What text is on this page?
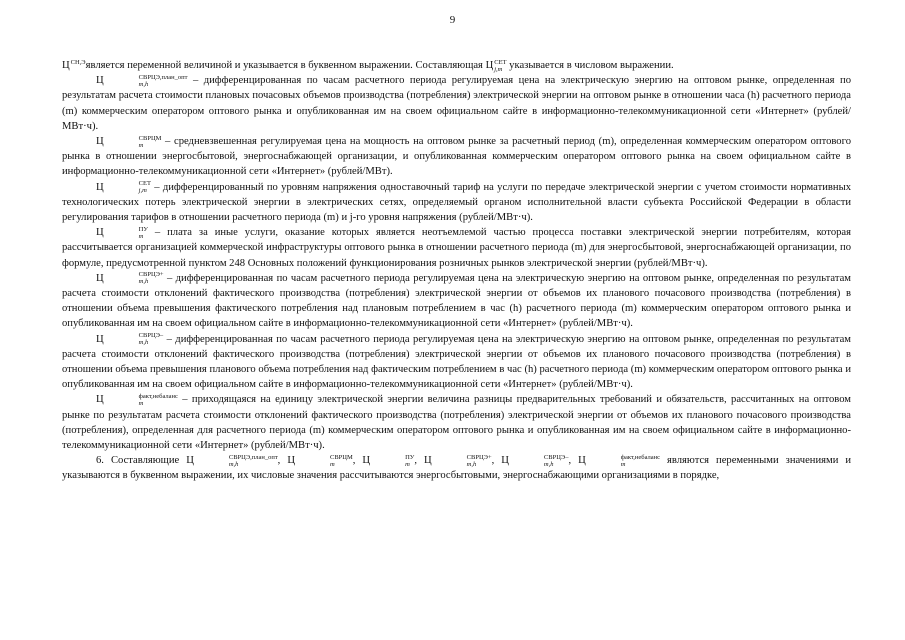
9

Ц СН,Э
является переменной величиной и указывается в буквенном выражении. Составляющая Ц СЕТ
j,m указывается в числовом выражении.

Ц	СВРЦЭ,план_опт
m,h	– дифференцированная по часам расчетного периода регулируемая цена на электрическую энергию на оптовом рынке, определенная по результатам расчета стоимости плановых почасовых объемов производства (потребления) электрической энергии на оптовом рынке в отношении часа (h) расчетного периода (m) коммерческим оператором оптового рынка и опубликованная им на своем официальном сайте в информационно-телекоммуникационной сети «Интернет» (рублей/МВт·ч).

Ц	СВРЦМ
m	– средневзвешенная регулируемая цена на мощность на оптовом рынке за расчетный период (m), определенная коммерческим оператором оптового рынка в отношении энергосбытовой, энергоснабжающей организации, и опубликованная коммерческим оператором оптового рынка на своем официальном сайте в информационно-телекоммуникационной сети «Интернет» (рублей/МВт).

Ц	СЕТ
j,m – дифференцированный по уровням напряжения одноставочный тариф на услуги по передаче электрической энергии с учетом стоимости нормативных технологических потерь электрической энергии в электрических сетях, определяемый органом исполнительной власти субъекта Российской Федерации в области регулирования тарифов в отношении расчетного периода (m) и j-го уровня напряжения (рублей/МВт·ч).

Ц	ПУ
m – плата за иные услуги, оказание которых является неотъемлемой частью процесса поставки электрической энергии потребителям, которая рассчитывается организацией коммерческой инфраструктуры оптового рынка в отношении расчетного периода (m) для энергосбытовой, энергоснабжающей организации, по формуле, предусмотренной пунктом 248 Основных положений функционирования розничных рынков электрической энергии (рублей/МВт·ч).

Ц	СВРЦЭ+
m,h	– дифференцированная по часам расчетного периода регулируемая цена на электрическую энергию на оптовом рынке, определенная по результатам расчета стоимости отклонений фактического производства (потребления) электрической энергии от объемов их планового почасового производства (потребления) в отношении объема превышения фактического потребления над плановым потреблением в час (h) расчетного периода (m) коммерческим оператором оптового рынка и опубликованная им на своем официальном сайте в информационно-телекоммуникационной сети «Интернет» (рублей/МВт·ч).

Ц	СВРЦЭ–
m,h	– дифференцированная по часам расчетного периода регулируемая цена на электрическую энергию на оптовом рынке, определенная по результатам расчета стоимости отклонений фактического производства (потребления) электрической энергии от объемов их планового почасового производства (потребления) в отношении объема превышения планового объема потребления над фактическим потреблением в час (h) расчетного периода (m) коммерческим оператором оптового рынка и опубликованная им на своем официальном сайте в информационно-телекоммуникационной сети «Интернет» (рублей/МВт·ч).

Ц	факт,небаланс
m	– приходящаяся на единицу электрической энергии величина разницы предварительных требований и обязательств, рассчитанных на оптовом рынке по результатам расчета стоимости отклонений фактического производства (потребления) электрической энергии от объемов их планового почасового производства (потребления), определенная для расчетного периода (m) коммерческим оператором оптового рынка и опубликованная им на своем официальном сайте в информационно-телекоммуникационной сети «Интернет» (рублей/МВт·ч).

6. Составляющие Ц	СВРЦЭ,план_опт
m,h	, Ц	СВРЦМ
m	, Ц	ПУ
m , Ц	СВРЦЭ+
m,h	, Ц	СВРЦЭ–
m,h	, Ц	факт,небаланс
m	являются переменными значениями и указываются в буквенном выражении, их числовые значения рассчитываются энергосбытовыми, энергоснабжающими организациями в порядке,
